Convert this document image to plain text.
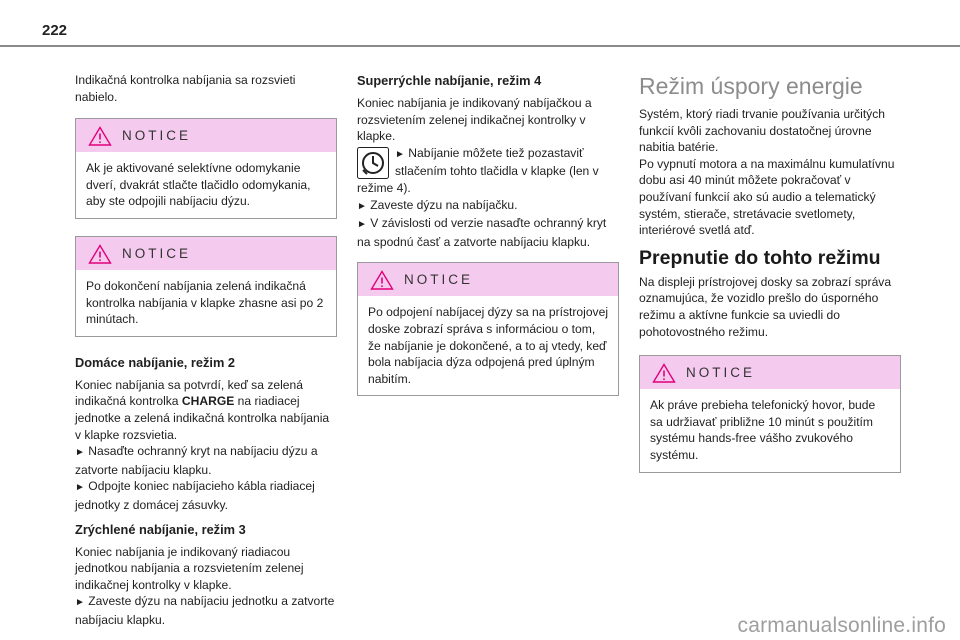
222

Indikačná kontrolka nabíjania sa rozsvieti nabielo.

NOTICE
Ak je aktivované selektívne odomykanie dverí, dvakrát stlačte tlačidlo odomykania, aby ste odpojili nabíjaciu dýzu.
NOTICE
Po dokončení nabíjania zelená indikačná kontrolka nabíjania v klapke zhasne asi po 2 minútach.

Domáce nabíjanie, režim 2

Koniec nabíjania sa potvrdí, keď sa zelená indikačná kontrolka CHARGE na riadiacej jednotke a zelená indikačná kontrolka nabíjania v klapke rozsvietia.

► Nasaďte ochranný kryt na nabíjaciu dýzu a zatvorte nabíjaciu klapku.

► Odpojte koniec nabíjacieho kábla riadiacej jednotky z domácej zásuvky.

Zrýchlené nabíjanie, režim 3

Koniec nabíjania je indikovaný riadiacou jednotkou nabíjania a rozsvietením zelenej indikačnej kontrolky v klapke.

► Zaveste dýzu na nabíjaciu jednotku a zatvorte nabíjaciu klapku.

Superrýchle nabíjanie, režim 4

Koniec nabíjania je indikovaný nabíjačkou a rozsvietením zelenej indikačnej kontrolky v klapke.

► Nabíjanie môžete tiež pozastaviť stlačením tohto tlačidla v klapke (len v režime 4).

► Zaveste dýzu na nabíjačku.

► V závislosti od verzie nasaďte ochranný kryt na spodnú časť a zatvorte nabíjaciu klapku.

NOTICE
Po odpojení nabíjacej dýzy sa na prístrojovej doske zobrazí správa s informáciou o tom, že nabíjanie je dokončené, a to aj vtedy, keď bola nabíjacia dýza odpojená pred úplným nabitím.

Režim úspory energie

Systém, ktorý riadi trvanie používania určitých funkcií kvôli zachovaniu dostatočnej úrovne nabitia batérie.

Po vypnutí motora a na maximálnu kumulatívnu dobu asi 40 minút môžete pokračovať v používaní funkcií ako sú audio a telematický systém, stierače, stretávacie svetlomety, interiérové svetlá atď.

Prepnutie do tohto režimu

Na displeji prístrojovej dosky sa zobrazí správa oznamujúca, že vozidlo prešlo do úsporného režimu a aktívne funkcie sa uviedli do pohotovostného režimu.

NOTICE
Ak práve prebieha telefonický hovor, bude sa udržiavať približne 10 minút s použitím systému hands-free vášho zvukového systému.
carmanualsonline.info
